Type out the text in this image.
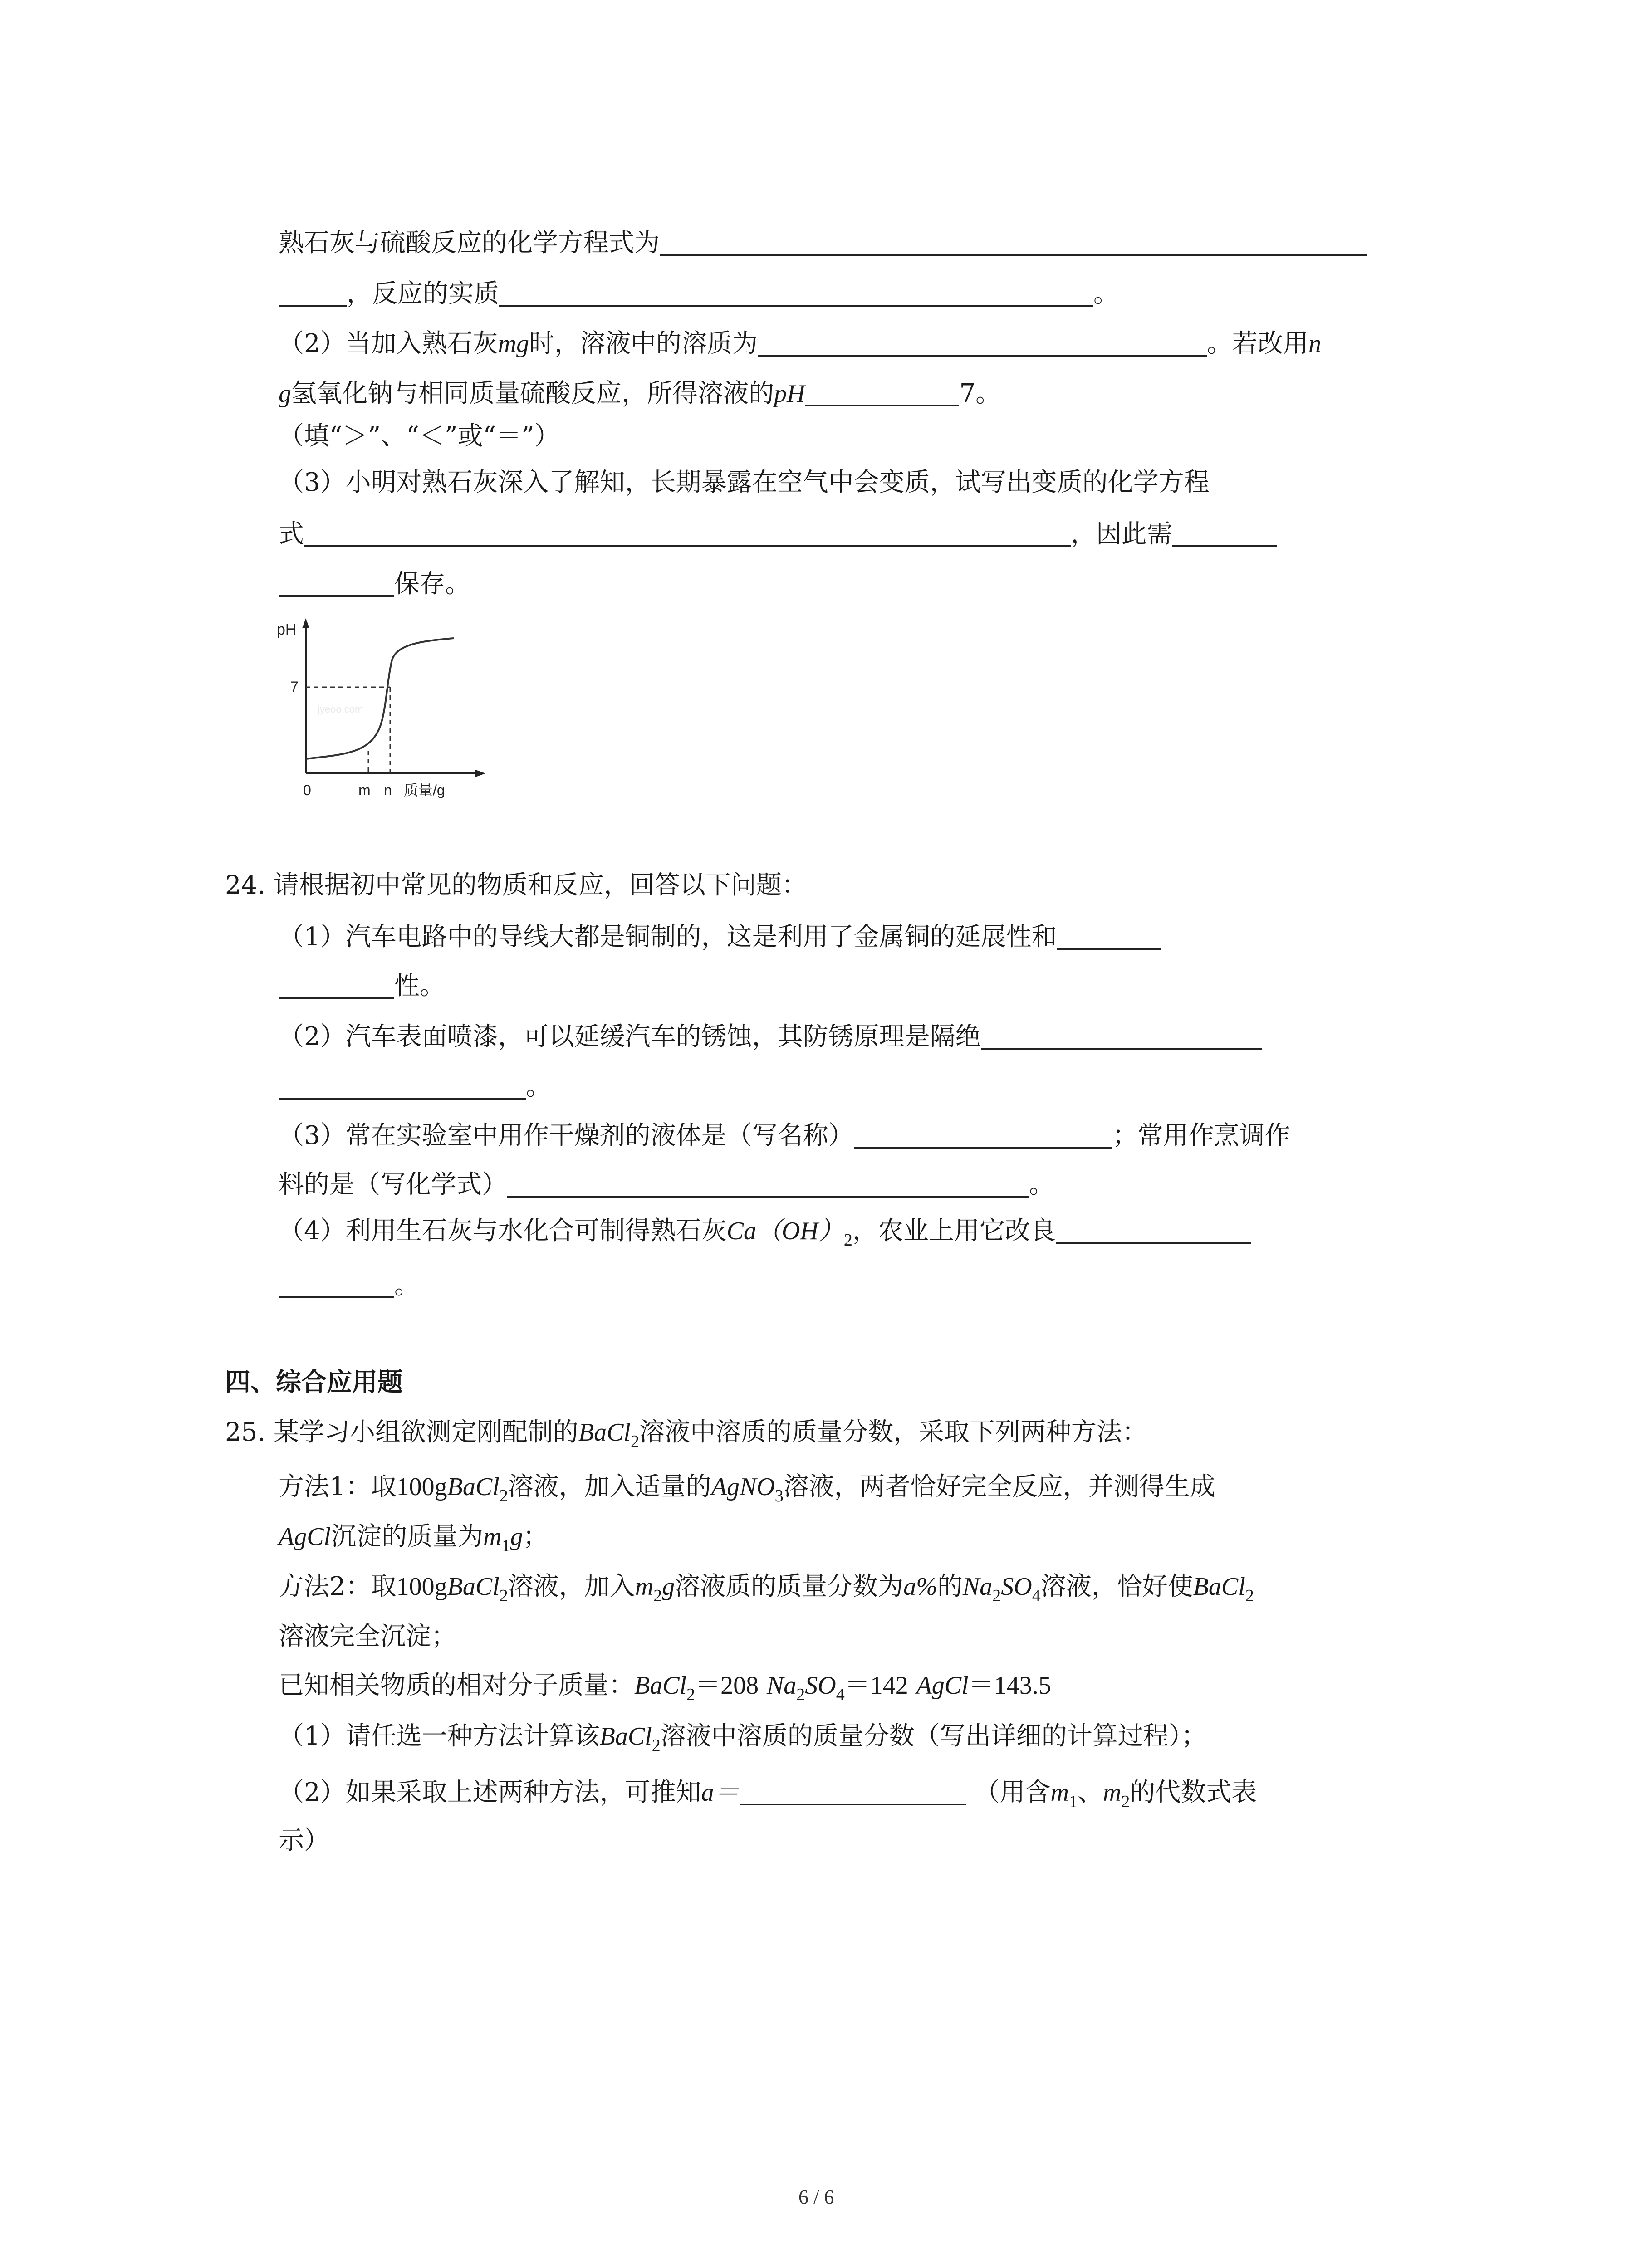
熟石灰与硫酸反应的化学方程式为
，反应的实质	。
（2）当加入熟石灰mg时，溶液中的溶质为	。若改用n
g氢氧化钠与相同质量硫酸反应，所得溶液的pH	7。
（填“＞”、“＜”或“＝”）
（3）小明对熟石灰深入了解知，长期暴露在空气中会变质，试写出变质的化学方程
式	，因此需
保存。
pH
7
jyeoo.com
0	m n 质量/g
24. 请根据初中常见的物质和反应，回答以下问题：
（1）汽车电路中的导线大都是铜制的，这是利用了金属铜的延展性和
性。
（2）汽车表面喷漆，可以延缓汽车的锈蚀，其防锈原理是隔绝
。
（3）常在实验室中用作干燥剂的液体是（写名称）	；常用作烹调作
料的是（写化学式）	。
（4）利用生石灰与水化合可制得熟石灰$Ca(OH)_2$，农业上用它改良
。
四、综合应用题
25. 某学习小组欲测定刚配制的BaCl$_2$溶液中溶质的质量分数，采取下列两种方法：
方法1：取100gBaCl$_2$溶液，加入适量的AgNO$_3$溶液，两者恰好完全反应，并测得生成
AgCl沉淀的质量为$m_1g$；
方法2：取100gBaCl$_2$溶液，加入$m_2g$溶液质的质量分数为a%的$Na_2SO_4$溶液，恰好使BaCl$_2$
溶液完全沉淀；
已知相关物质的相对分子质量：BaCl$_2$＝208 $Na_2SO_4=142$ AgCl＝143.5
（1）请任选一种方法计算该BaCl$_2$溶液中溶质的质量分数（写出详细的计算过程）；
（2）如果采取上述两种方法，可推知a＝	（用含$m_1$、$m_2$的代数式表
示）
6 / 6
